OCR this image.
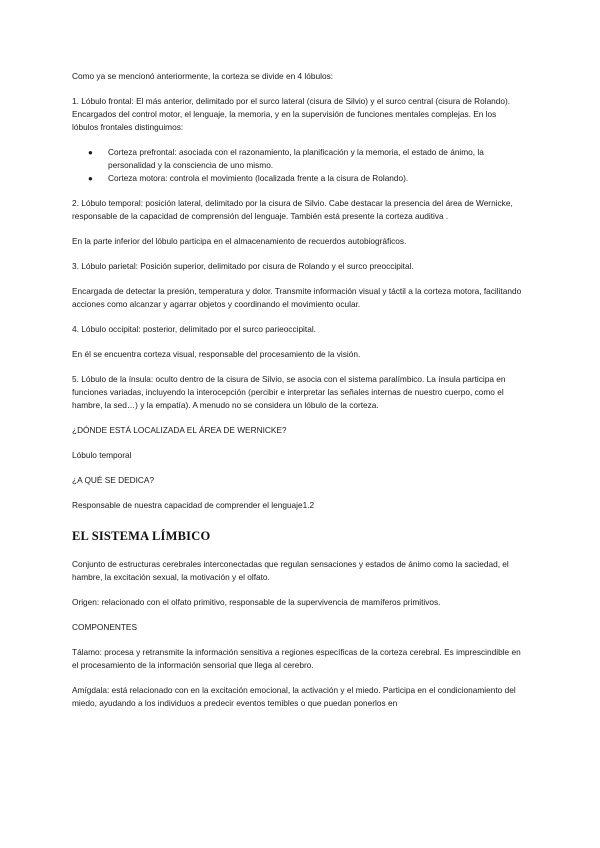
Como ya se mencionó anteriormente, la corteza se divide en 4 lóbulos:

1. Lóbulo frontal: El más anterior, delimitado por el surco lateral (cisura de Silvio) y el surco central (cisura de Rolando). Encargados del control motor, el lenguaje, la memoria, y en la supervisión de funciones mentales complejas. En los lóbulos frontales distinguimos:

● Corteza prefrontal: asociada con el razonamiento, la planificación y la memoria, el estado de ánimo, la personalidad y la consciencia de uno mismo.
● Corteza motora: controla el movimiento (localizada frente a la cisura de Rolando).

2. Lóbulo temporal: posición lateral, delimitado por la cisura de Silvio. Cabe destacar la presencia del área de Wernicke, responsable de la capacidad de comprensión del lenguaje. También está presente la corteza auditiva .

En la parte inferior del lóbulo participa en el almacenamiento de recuerdos autobiográficos.

3. Lóbulo parietal: Posición superior, delimitado por cisura de Rolando y el surco preoccipital.

Encargada de detectar la presión, temperatura y dolor. Transmite información visual y táctil a la corteza motora, facilitando acciones como alcanzar y agarrar objetos y coordinando el movimiento ocular.

4. Lóbulo occipital: posterior, delimitado por el surco parieoccipital.

En él se encuentra corteza visual, responsable del procesamiento de la visión.

5. Lóbulo de la ínsula: oculto dentro de la cisura de Silvio, se asocia con el sistema paralímbico. La ínsula participa en funciones variadas, incluyendo la interocepción (percibir e interpretar las señales internas de nuestro cuerpo, como el hambre, la sed…) y la empatía). A menudo no se considera un lóbulo de la corteza.

¿DÓNDE ESTÁ LOCALIZADA EL ÁREA DE WERNICKE?

Lóbulo temporal

¿A QUÉ SE DEDICA?

Responsable de nuestra capacidad de comprender el lenguaje1.2

EL SISTEMA LÍMBICO

Conjunto de estructuras cerebrales interconectadas que regulan sensaciones y estados de ánimo como la saciedad, el hambre, la excitación sexual, la motivación y el olfato.

Origen: relacionado con el olfato primitivo, responsable de la supervivencia de mamíferos primitivos.

COMPONENTES

Tálamo: procesa y retransmite la información sensitiva a regiones específicas de la corteza cerebral. Es imprescindible en el procesamiento de la información sensorial que llega al cerebro.

Amígdala: está relacionado con en la excitación emocional, la activación y el miedo. Participa en el condicionamiento del miedo, ayudando a los individuos a predecir eventos temibles o que puedan ponerlos en
